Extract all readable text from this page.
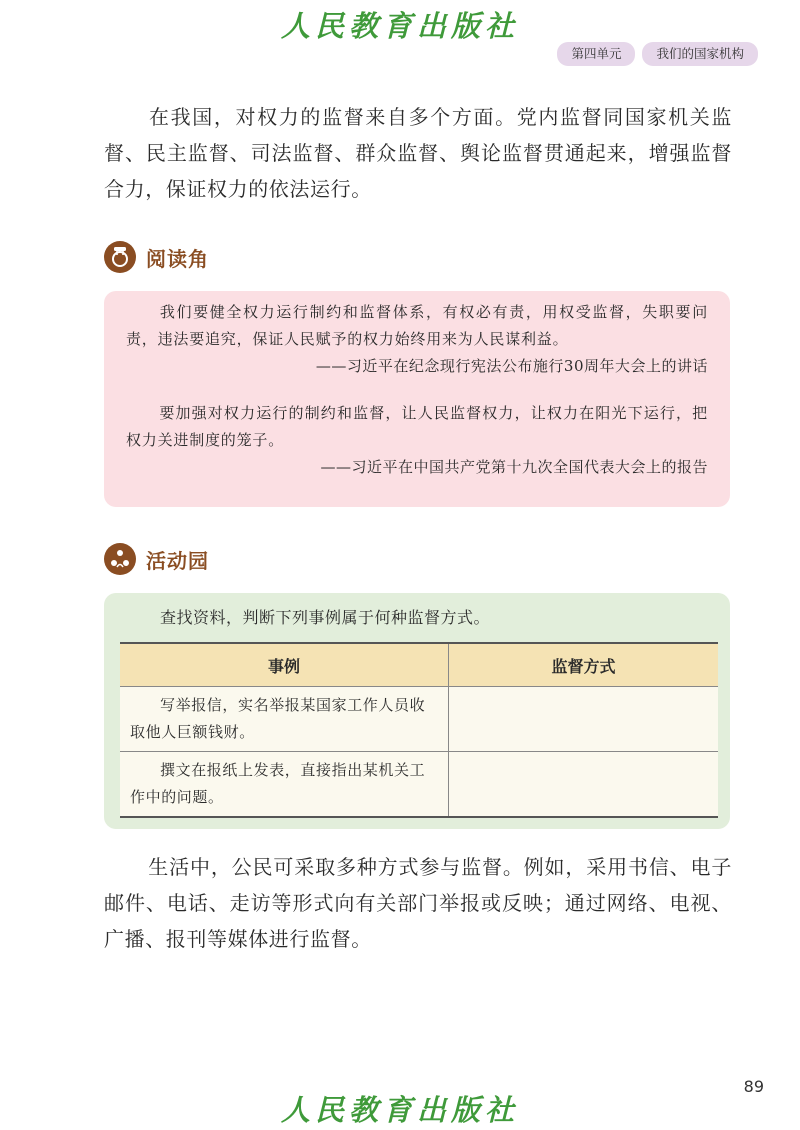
人民教育出版社
第四单元	我们的国家机构

在我国，对权力的监督来自多个方面。党内监督同国家机关监督、民主监督、司法监督、群众监督、舆论监督贯通起来，增强监督合力，保证权力的依法运行。

阅读角

我们要健全权力运行制约和监督体系，有权必有责，用权受监督，失职要问责，违法要追究，保证人民赋予的权力始终用来为人民谋利益。

——习近平在纪念现行宪法公布施行30周年大会上的讲话

要加强对权力运行的制约和监督，让人民监督权力，让权力在阳光下运行，把权力关进制度的笼子。

——习近平在中国共产党第十九次全国代表大会上的报告

活动园
查找资料，判断下列事例属于何种监督方式。
事例	监督方式
写举报信，实名举报某国家工作人员收取他人巨额钱财。	
撰文在报纸上发表，直接指出某机关工作中的问题。	

生活中，公民可采取多种方式参与监督。例如，采用书信、电子邮件、电话、走访等形式向有关部门举报或反映；通过网络、电视、广播、报刊等媒体进行监督。

89
人民教育出版社
